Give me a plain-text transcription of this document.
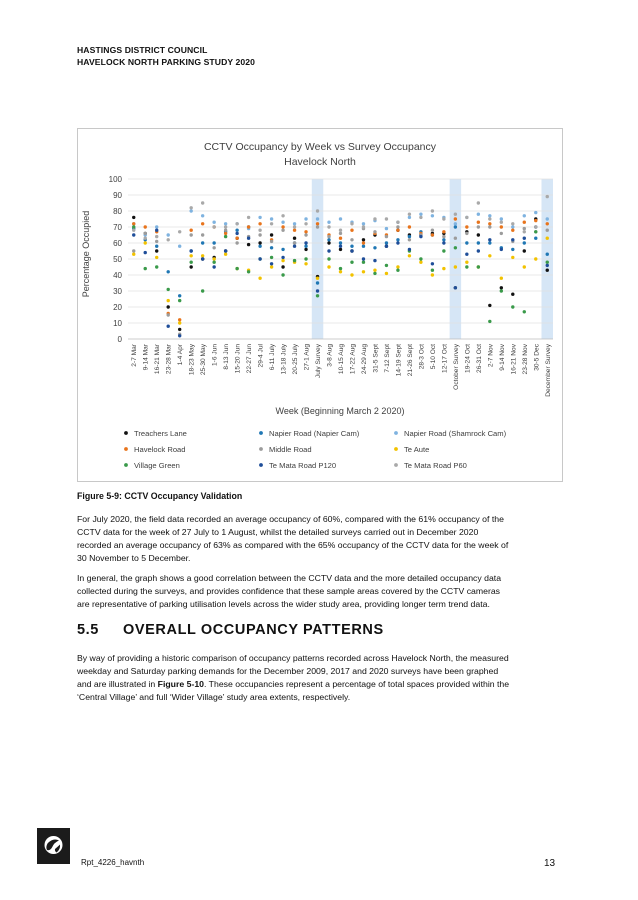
HASTINGS DISTRICT COUNCIL
HAVELOCK NORTH PARKING STUDY 2020
0
10
20
30
40
50
60
70
80
90
100
2-7 Mar 9-14 Mar 16-21 Mar 23-28 Mar 1-4 Apr 18-23 May 25-30 May 1-6 Jun 8-13 Jun 15-20 Jun 22-27 Jun 29-4 Jul 6-11 July 13-18 July 20-25 July 27-1 Aug July Survey 3-8 Aug 10-15 Aug 17-22 Aug 24-29 Aug 31-5 Sept 7-12 Sept 14-19 Sept 21-26 Sept 28-3 Oct 5-10 Oct 12-17 Oct October Survey 19-24 Oct 26-31 Oct 2-7 Nov 9-14 Nov 16-21 Nov 23-28 Nov 30-5 Dec December Survey
CCTV Occupancy by Week vs Survey Occupancy
Havelock North
Percentage Occupied
Week (Beginning March 2 2020)
Treachers Lane	Napier Road (Napier Cam)	Napier Road (Shamrock Cam)
Havelock Road	Middle Road	Te Aute
Village Green	Te Mata Road P120	Te Mata Road P60
Figure 5-9: CCTV Occupancy Validation
For July 2020, the field data recorded an average occupancy of 60%, compared with the 61% occupancy of the
CCTV data for the week of 27 July to 1 August, whilst the detailed surveys carried out in December 2020
recorded an average occupancy of 63% as compared with the 65% occupancy of the CCTV data for the week of
30 November to 5 December.
In general, the graph shows a good correlation between the CCTV data and the more detailed occupancy data
collected during the surveys, and provides confidence that these sample areas covered by the CCTV cameras
are representative of parking utilisation levels across the wider study area, providing longer term trend data.
5.5 OVERALL OCCUPANCY PATTERNS
By way of providing a historic comparison of occupancy patterns recorded across Havelock North, the measured
weekday and Saturday parking demands for the December 2009, 2017 and 2020 surveys have been graphed
and are illustrated in Figure 5-10. These occupancies represent a percentage of total spaces provided within the
‘Central Village’ and full ‘Wider Village’ study area extents, respectively.
Rpt_4226_havnth	13
